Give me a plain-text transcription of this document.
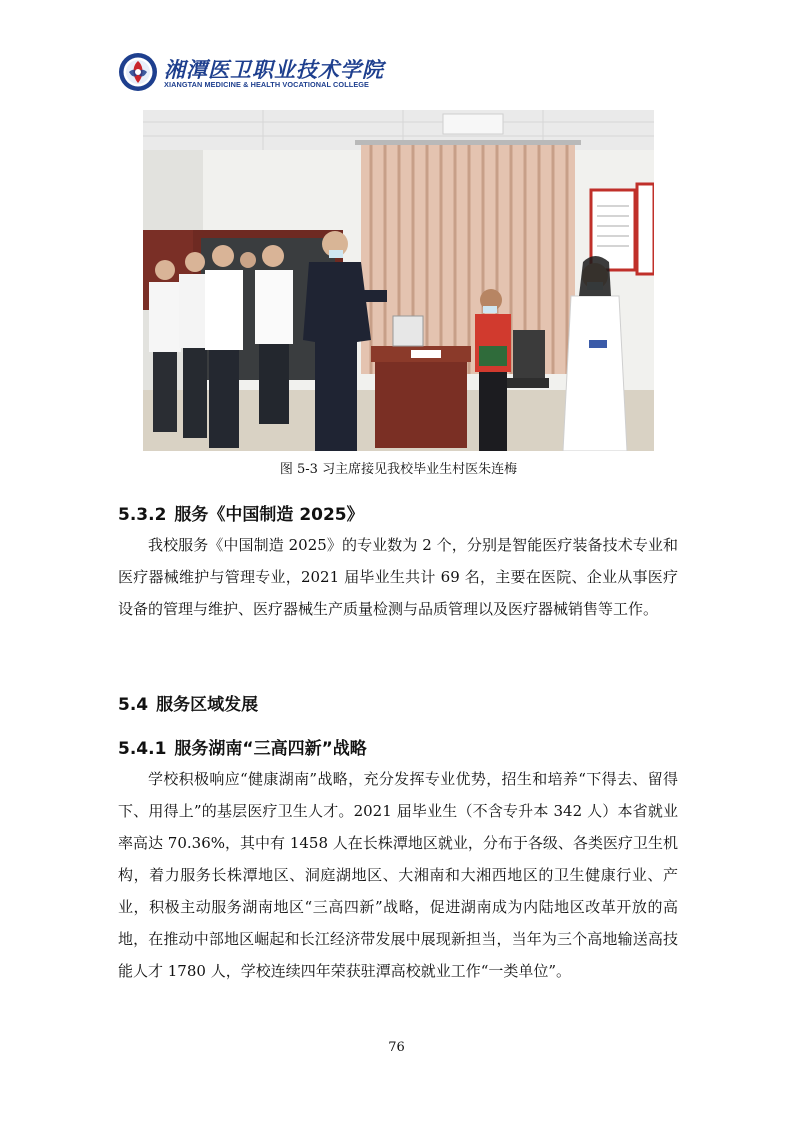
湘潭医卫职业技术学院
XIANGTAN MEDICINE & HEALTH VOCATIONAL COLLEGE
图 5-3 习主席接见我校毕业生村医朱连梅
5.3.2 服务《中国制造 2025》

我校服务《中国制造 2025》的专业数为 2 个，分别是智能医疗装备技术专业和医疗器械维护与管理专业，2021 届毕业生共计 69 名，主要在医院、企业从事医疗设备的管理与维护、医疗器械生产质量检测与品质管理以及医疗器械销售等工作。

5.4 服务区域发展
5.4.1 服务湖南“三高四新”战略

学校积极响应“健康湖南”战略，充分发挥专业优势，招生和培养“下得去、留得下、用得上”的基层医疗卫生人才。2021 届毕业生（不含专升本 342 人）本省就业率高达 70.36%，其中有 1458 人在长株潭地区就业，分布于各级、各类医疗卫生机构，着力服务长株潭地区、洞庭湖地区、大湘南和大湘西地区的卫生健康行业、产业，积极主动服务湖南地区“三高四新”战略，促进湖南成为内陆地区改革开放的高地，在推动中部地区崛起和长江经济带发展中展现新担当，当年为三个高地输送高技能人才 1780 人，学校连续四年荣获驻潭高校就业工作“一类单位”。

76
